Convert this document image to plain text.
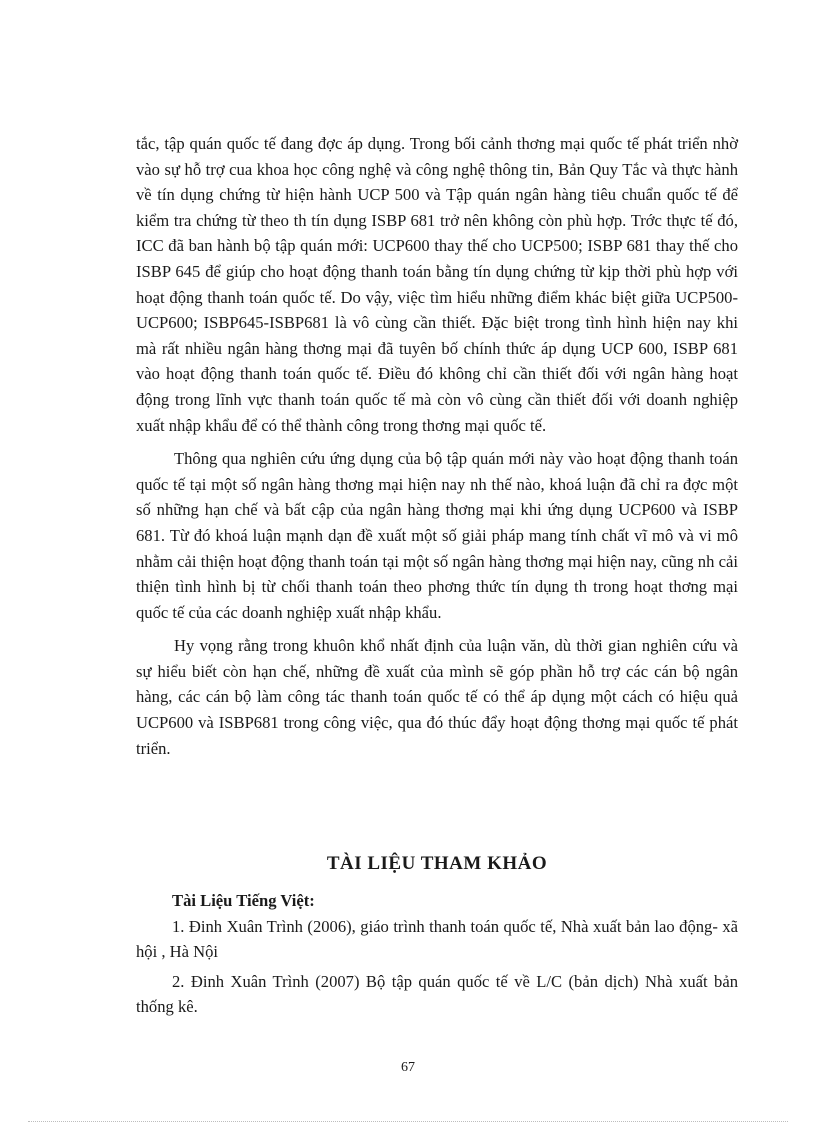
tắc, tập quán quốc tế đang đợc áp dụng. Trong bối cảnh thơng mại quốc tế phát triển nhờ vào sự hỗ trợ cua khoa học công nghệ và công nghệ thông tin, Bản Quy Tắc và thực hành về tín dụng chứng từ hiện hành UCP 500 và Tập quán ngân hàng tiêu chuẩn quốc tế để kiểm tra chứng từ theo th tín dụng ISBP 681 trở nên không còn phù hợp. Trớc thực tế đó, ICC đã ban hành bộ tập quán mới: UCP600 thay thế cho UCP500; ISBP 681 thay thế cho ISBP 645 để giúp cho hoạt động thanh toán bằng tín dụng chứng từ kịp thời phù hợp với hoạt động thanh toán quốc tế. Do vậy, việc tìm hiểu những điểm khác biệt giữa UCP500-UCP600; ISBP645-ISBP681 là vô cùng cần thiết. Đặc biệt trong tình hình hiện nay khi mà rất nhiều ngân hàng thơng mại đã tuyên bố chính thức áp dụng UCP 600, ISBP 681 vào hoạt động thanh toán quốc tế. Điều đó không chỉ cần thiết đối với ngân hàng hoạt động trong lĩnh vực thanh toán quốc tế mà còn vô cùng cần thiết đối với doanh nghiệp xuất nhập khẩu để có thể thành công trong thơng mại quốc tế.

Thông qua nghiên cứu ứng dụng của bộ tập quán mới này vào hoạt động thanh toán quốc tế tại một số ngân hàng thơng mại hiện nay nh thế nào, khoá luận đã chỉ ra đợc một số những hạn chế và bất cập của ngân hàng thơng mại khi ứng dụng UCP600 và ISBP 681. Từ đó khoá luận mạnh dạn đề xuất một số giải pháp mang tính chất vĩ mô và vi mô nhằm cải thiện hoạt động thanh toán tại một số ngân hàng thơng mại hiện nay, cũng nh cải thiện tình hình bị từ chối thanh toán theo phơng thức tín dụng th trong hoạt thơng mại quốc tế của các doanh nghiệp xuất nhập khẩu.

Hy vọng rằng trong khuôn khổ nhất định của luận văn, dù thời gian nghiên cứu và sự hiểu biết còn hạn chế, những đề xuất của mình sẽ góp phần hỗ trợ các cán bộ ngân hàng, các cán bộ làm công tác thanh toán quốc tế có thể áp dụng một cách có hiệu quả UCP600 và ISBP681 trong công việc, qua đó thúc đẩy hoạt động thơng mại quốc tế phát triển.

TÀI LIỆU THAM KHẢO

Tài Liệu Tiếng Việt:

1. Đinh Xuân Trình (2006), giáo trình thanh toán quốc tế, Nhà xuất bản lao động- xã hội , Hà Nội

2. Đinh Xuân Trình (2007) Bộ tập quán quốc tế về L/C (bản dịch) Nhà xuất bản thống kê.

67
